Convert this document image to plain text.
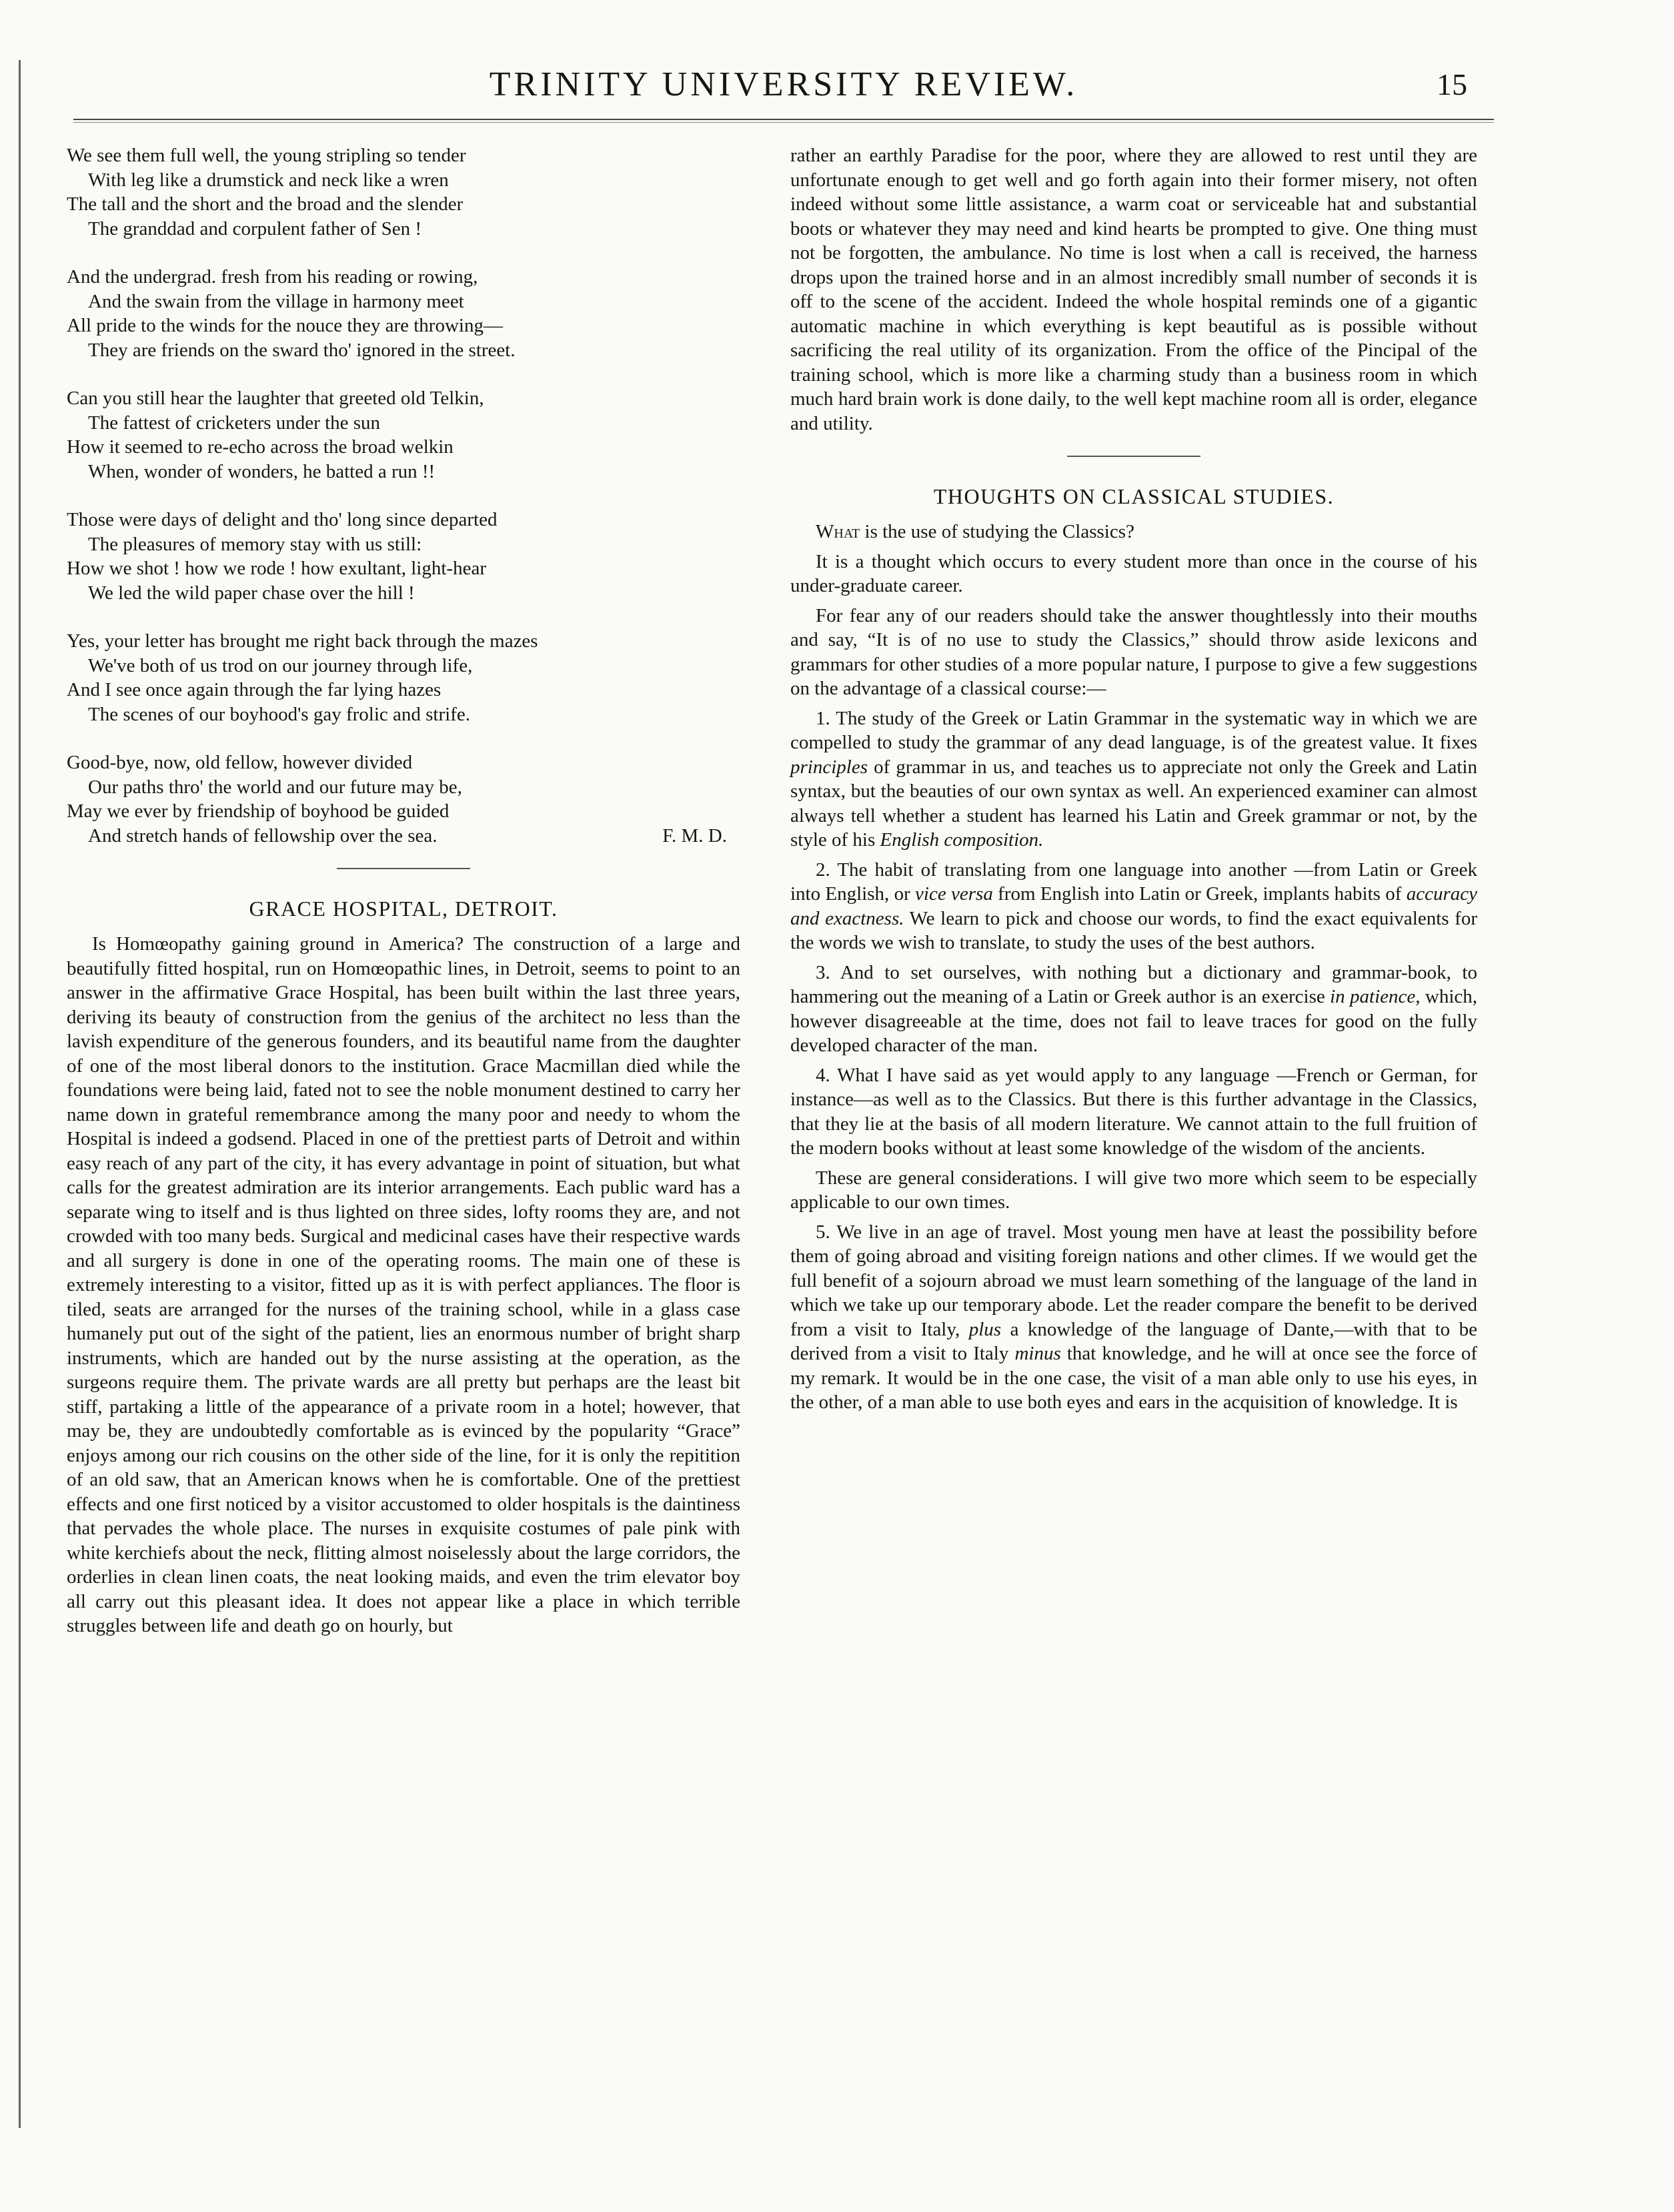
TRINITY UNIVERSITY REVIEW.	15
We see them full well, the young stripling so tender
With leg like a drumstick and neck like a wren
The tall and the short and the broad and the slender
The granddad and corpulent father of Sen !
And the undergrad. fresh from his reading or rowing,
And the swain from the village in harmony meet
All pride to the winds for the nouce they are throwing—
They are friends on the sward tho' ignored in the street.
Can you still hear the laughter that greeted old Telkin,
The fattest of cricketers under the sun
How it seemed to re-echo across the broad welkin
When, wonder of wonders, he batted a run !!
Those were days of delight and tho' long since departed
The pleasures of memory stay with us still:
How we shot ! how we rode ! how exultant, light-hear
We led the wild paper chase over the hill !
Yes, your letter has brought me right back through the mazes
We've both of us trod on our journey through life,
And I see once again through the far lying hazes
The scenes of our boyhood's gay frolic and strife.
Good-bye, now, old fellow, however divided
Our paths thro' the world and our future may be,
May we ever by friendship of boyhood be guided
And stretch hands of fellowship over the sea.	F. M. D.
GRACE HOSPITAL, DETROIT.

Is Homœopathy gaining ground in America? The construction of a large and beautifully fitted hospital, run on Homœopathic lines, in Detroit, seems to point to an answer in the affirmative Grace Hospital, has been built within the last three years, deriving its beauty of construction from the genius of the architect no less than the lavish expenditure of the generous founders, and its beautiful name from the daughter of one of the most liberal donors to the institution. Grace Macmillan died while the foundations were being laid, fated not to see the noble monument destined to carry her name down in grateful remembrance among the many poor and needy to whom the Hospital is indeed a godsend. Placed in one of the prettiest parts of Detroit and within easy reach of any part of the city, it has every advantage in point of situation, but what calls for the greatest admiration are its interior arrangements. Each public ward has a separate wing to itself and is thus lighted on three sides, lofty rooms they are, and not crowded with too many beds. Surgical and medicinal cases have their respective wards and all surgery is done in one of the operating rooms. The main one of these is extremely interesting to a visitor, fitted up as it is with perfect appliances. The floor is tiled, seats are arranged for the nurses of the training school, while in a glass case humanely put out of the sight of the patient, lies an enormous number of bright sharp instruments, which are handed out by the nurse assisting at the operation, as the surgeons require them. The private wards are all pretty but perhaps are the least bit stiff, partaking a little of the appearance of a private room in a hotel; however, that may be, they are undoubtedly comfortable as is evinced by the popularity “Grace” enjoys among our rich cousins on the other side of the line, for it is only the repitition of an old saw, that an American knows when he is comfortable. One of the prettiest effects and one first noticed by a visitor accustomed to older hospitals is the daintiness that pervades the whole place. The nurses in exquisite costumes of pale pink with white kerchiefs about the neck, flitting almost noiselessly about the large corridors, the orderlies in clean linen coats, the neat looking maids, and even the trim elevator boy all carry out this pleasant idea. It does not appear like a place in which terrible struggles between life and death go on hourly, but

rather an earthly Paradise for the poor, where they are allowed to rest until they are unfortunate enough to get well and go forth again into their former misery, not often indeed without some little assistance, a warm coat or serviceable hat and substantial boots or whatever they may need and kind hearts be prompted to give. One thing must not be forgotten, the ambulance. No time is lost when a call is received, the harness drops upon the trained horse and in an almost incredibly small number of seconds it is off to the scene of the accident. Indeed the whole hospital reminds one of a gigantic automatic machine in which everything is kept beautiful as is possible without sacrificing the real utility of its organization. From the office of the Pincipal of the training school, which is more like a charming study than a business room in which much hard brain work is done daily, to the well kept machine room all is order, elegance and utility.

THOUGHTS ON CLASSICAL STUDIES.

What is the use of studying the Classics?

It is a thought which occurs to every student more than once in the course of his under-graduate career.

For fear any of our readers should take the answer thoughtlessly into their mouths and say, “It is of no use to study the Classics,” should throw aside lexicons and grammars for other studies of a more popular nature, I purpose to give a few suggestions on the advantage of a classical course:—

1. The study of the Greek or Latin Grammar in the systematic way in which we are compelled to study the grammar of any dead language, is of the greatest value. It fixes principles of grammar in us, and teaches us to appreciate not only the Greek and Latin syntax, but the beauties of our own syntax as well. An experienced examiner can almost always tell whether a student has learned his Latin and Greek grammar or not, by the style of his English composition.

2. The habit of translating from one language into another —from Latin or Greek into English, or vice versa from English into Latin or Greek, implants habits of accuracy and exactness. We learn to pick and choose our words, to find the exact equivalents for the words we wish to translate, to study the uses of the best authors.

3. And to set ourselves, with nothing but a dictionary and grammar-book, to hammering out the meaning of a Latin or Greek author is an exercise in patience, which, however disagreeable at the time, does not fail to leave traces for good on the fully developed character of the man.

4. What I have said as yet would apply to any language —French or German, for instance—as well as to the Classics. But there is this further advantage in the Classics, that they lie at the basis of all modern literature. We cannot attain to the full fruition of the modern books without at least some knowledge of the wisdom of the ancients.

These are general considerations. I will give two more which seem to be especially applicable to our own times.

5. We live in an age of travel. Most young men have at least the possibility before them of going abroad and visiting foreign nations and other climes. If we would get the full benefit of a sojourn abroad we must learn something of the language of the land in which we take up our temporary abode. Let the reader compare the benefit to be derived from a visit to Italy, plus a knowledge of the language of Dante,—with that to be derived from a visit to Italy minus that knowledge, and he will at once see the force of my remark. It would be in the one case, the visit of a man able only to use his eyes, in the other, of a man able to use both eyes and ears in the acquisition of knowledge. It is
